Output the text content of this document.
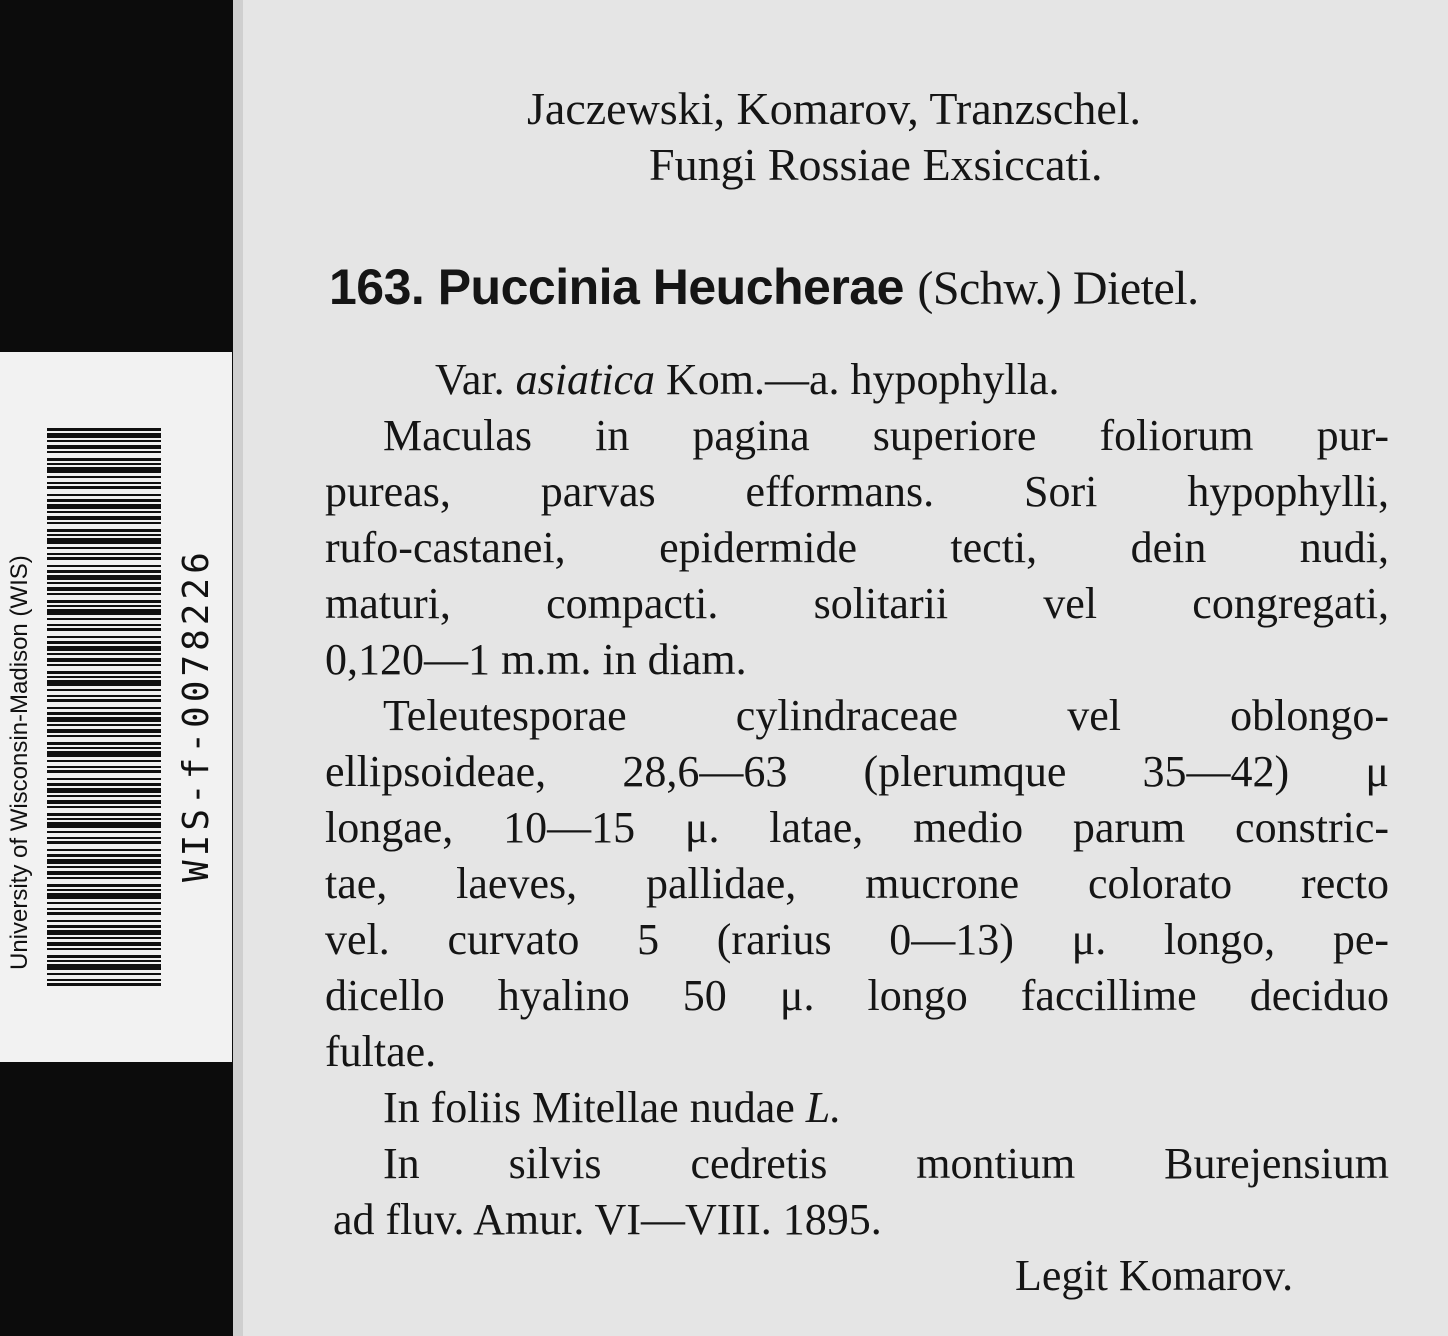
Jaczewski, Komarov, Tranzschel.
Fungi Rossiae Exsiccati.
163. Puccinia Heucherae (Schw.) Dietel.
Var. asiatica Kom.—a. hypophylla.
Maculas in pagina superiore foliorum pur-
pureas, parvas efformans. Sori hypophylli,
rufo-castanei, epidermide tecti, dein nudi,
maturi, compacti. solitarii vel congregati,
0,120—1 m.m. in diam.
Teleutesporae cylindraceae vel oblongo-
ellipsoideae, 28,6—63 (plerumque 35—42) μ
longae, 10—15 μ. latae, medio parum constric-
tae, laeves, pallidae, mucrone colorato recto
vel. curvato 5 (rarius 0—13) μ. longo, pe-
dicello hyalino 50 μ. longo faccillime deciduo
fultae.
In foliis Mitellae nudae L.
In silvis cedretis montium Burejensium
ad fluv. Amur. VI—VIII. 1895.
Legit Komarov.
University of Wisconsin-Madison (WIS)	WIS-f-0078226
